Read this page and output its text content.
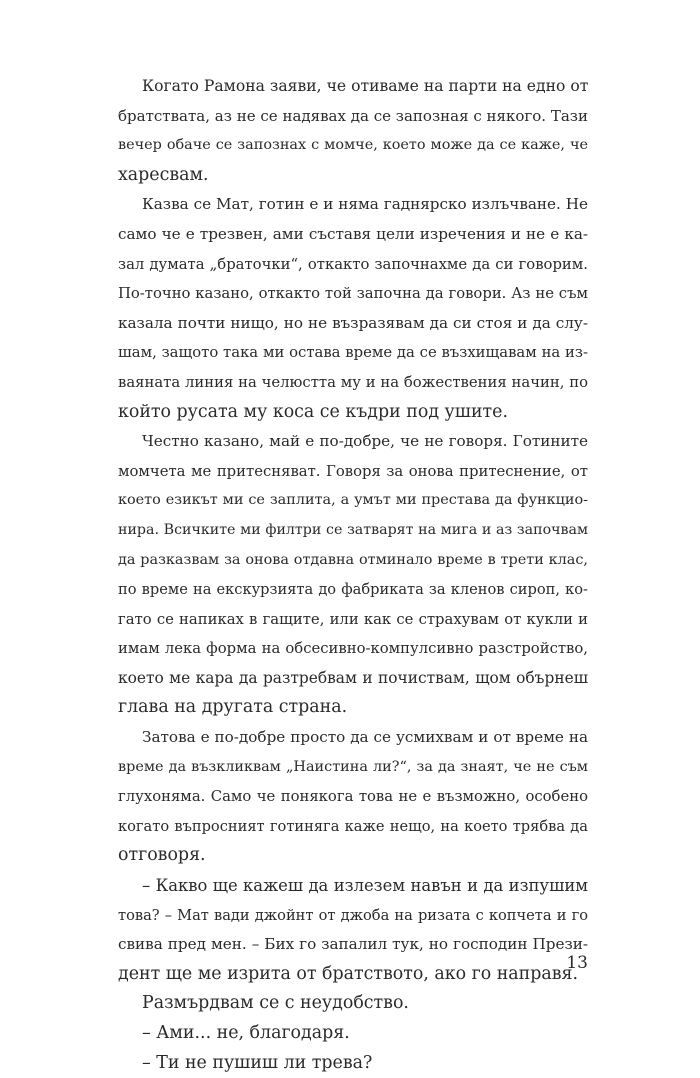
Когато Рамона заяви, че отиваме на парти на едно от
братствата, аз не се надявах да се запозная с някого. Тази
вечер обаче се запознах с момче, което може да се каже, че
харесвам.
Казва се Мат, готин е и няма гаднярско излъчване. Не
само че е трезвен, ами съставя цели изречения и не е ка-
зал думата „браточки“, откакто започнахме да си говорим.
По-точно казано, откакто той започна да говори. Аз не съм
казала почти нищо, но не възразявам да си стоя и да слу-
шам, защото така ми остава време да се възхищавам на из-
ваяната линия на челюстта му и на божествения начин, по
който русата му коса се къдри под ушите.
Честно казано, май е по-добре, че не говоря. Готините
момчета ме притесняват. Говоря за онова притеснение, от
което езикът ми се заплита, а умът ми престава да функцио-
нира. Всичките ми филтри се затварят на мига и аз започвам
да разказвам за онова отдавна отминало време в трети клас,
по време на екскурзията до фабриката за кленов сироп, ко-
гато се напиках в гащите, или как се страхувам от кукли и
имам лека форма на обсесивно-компулсивно разстройство,
което ме кара да разтребвам и почиствам, щом обърнеш
глава на другата страна.
Затова е по-добре просто да се усмихвам и от време на
време да възкликвам „Наистина ли?“, за да знаят, че не съм
глухоняма. Само че понякога това не е възможно, особено
когато въпросният готиняга каже нещо, на което трябва да
отговоря.
– Какво ще кажеш да излезем навън и да изпушим
това? – Мат вади джойнт от джоба на ризата с копчета и го
свива пред мен. – Бих го запалил тук, но господин Прези-
дент ще ме изрита от братството, ако го направя.
Размърдвам се с неудобство.
– Ами... не, благодаря.
– Ти не пушиш ли трева?
13
